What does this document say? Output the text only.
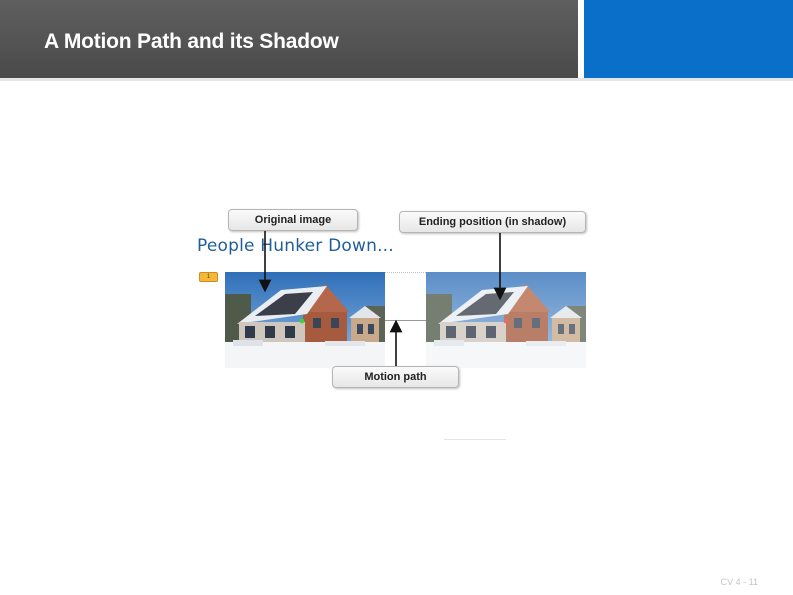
A Motion Path and its Shadow
People Hunker Down...
1
Original image	Ending position (in shadow)
Motion path
CV 4 - 11
